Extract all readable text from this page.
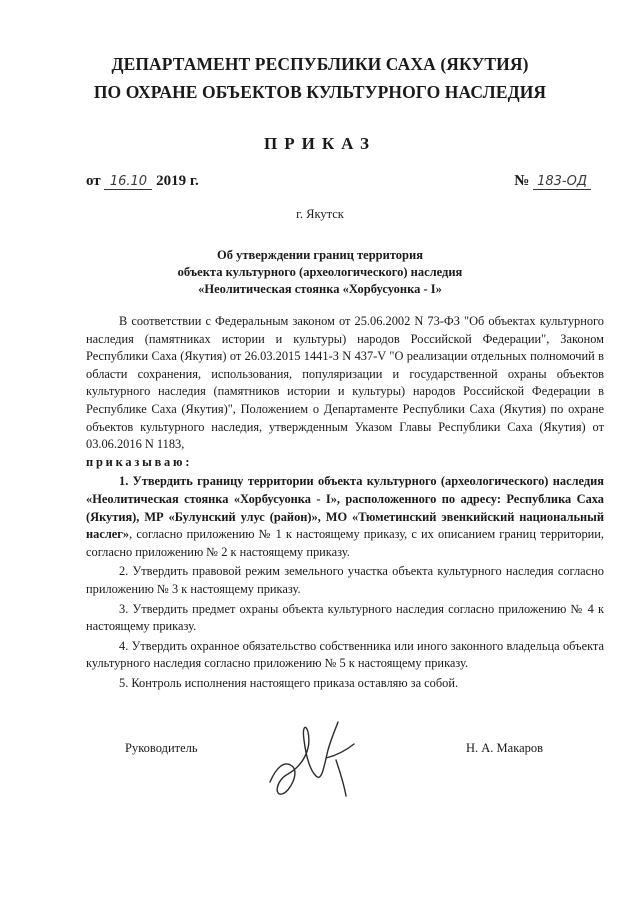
ДЕПАРТАМЕНТ РЕСПУБЛИКИ САХА (ЯКУТИЯ)
ПО ОХРАНЕ ОБЪЕКТОВ КУЛЬТУРНОГО НАСЛЕДИЯ
ПРИКАЗ
от 16.10 2019 г.	№ 183-ОД
г. Якутск
Об утверждении границ территория
объекта культурного (археологического) наследия
«Неолитическая стоянка «Хорбусуонка - I»

В соответствии с Федеральным законом от 25.06.2002 N 73-ФЗ "Об объектах культурного наследия (памятниках истории и культуры) народов Российской Федерации", Законом Республики Саха (Якутия) от 26.03.2015 1441-З N 437-V "О реализации отдельных полномочий в области сохранения, использования, популяризации и государственной охраны объектов культурного наследия (памятников истории и культуры) народов Российской Федерации в Республике Саха (Якутия)", Положением о Департаменте Республики Саха (Якутия) по охране объектов культурного наследия, утвержденным Указом Главы Республики Саха (Якутия) от 03.06.2016 N 1183,

приказываю:

1. Утвердить границу территории объекта культурного (археологического) наследия «Неолитическая стоянка «Хорбусуонка - I», расположенного по адресу: Республика Саха (Якутия), МР «Булунский улус (район)», МО «Тюметинский эвенкийский национальный наслег», согласно приложению № 1 к настоящему приказу, с их описанием границ территории, согласно приложению № 2 к настоящему приказу.

2. Утвердить правовой режим земельного участка объекта культурного наследия согласно приложению № 3 к настоящему приказу.

3. Утвердить предмет охраны объекта культурного наследия согласно приложению № 4 к настоящему приказу.

4. Утвердить охранное обязательство собственника или иного законного владельца объекта культурного наследия согласно приложению № 5 к настоящему приказу.

5. Контроль исполнения настоящего приказа оставляю за собой.

Руководитель	Н. А. Макаров
